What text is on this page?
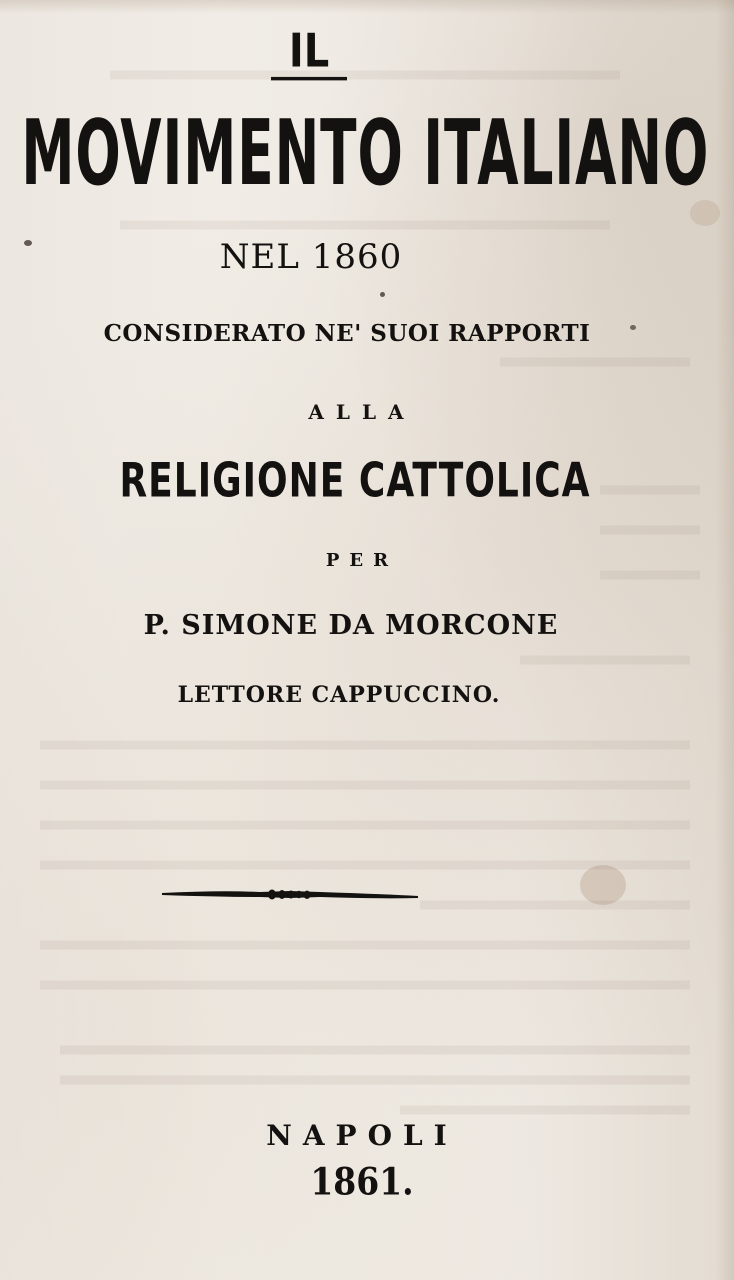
IL

MOVIMENTO ITALIANO

NEL 1860

CONSIDERATO NE' SUOI RAPPORTI

ALLA

RELIGIONE CATTOLICA

PER

P. SIMONE DA MORCONE

LETTORE CAPPUCCINO.

NAPOLI

1861.
